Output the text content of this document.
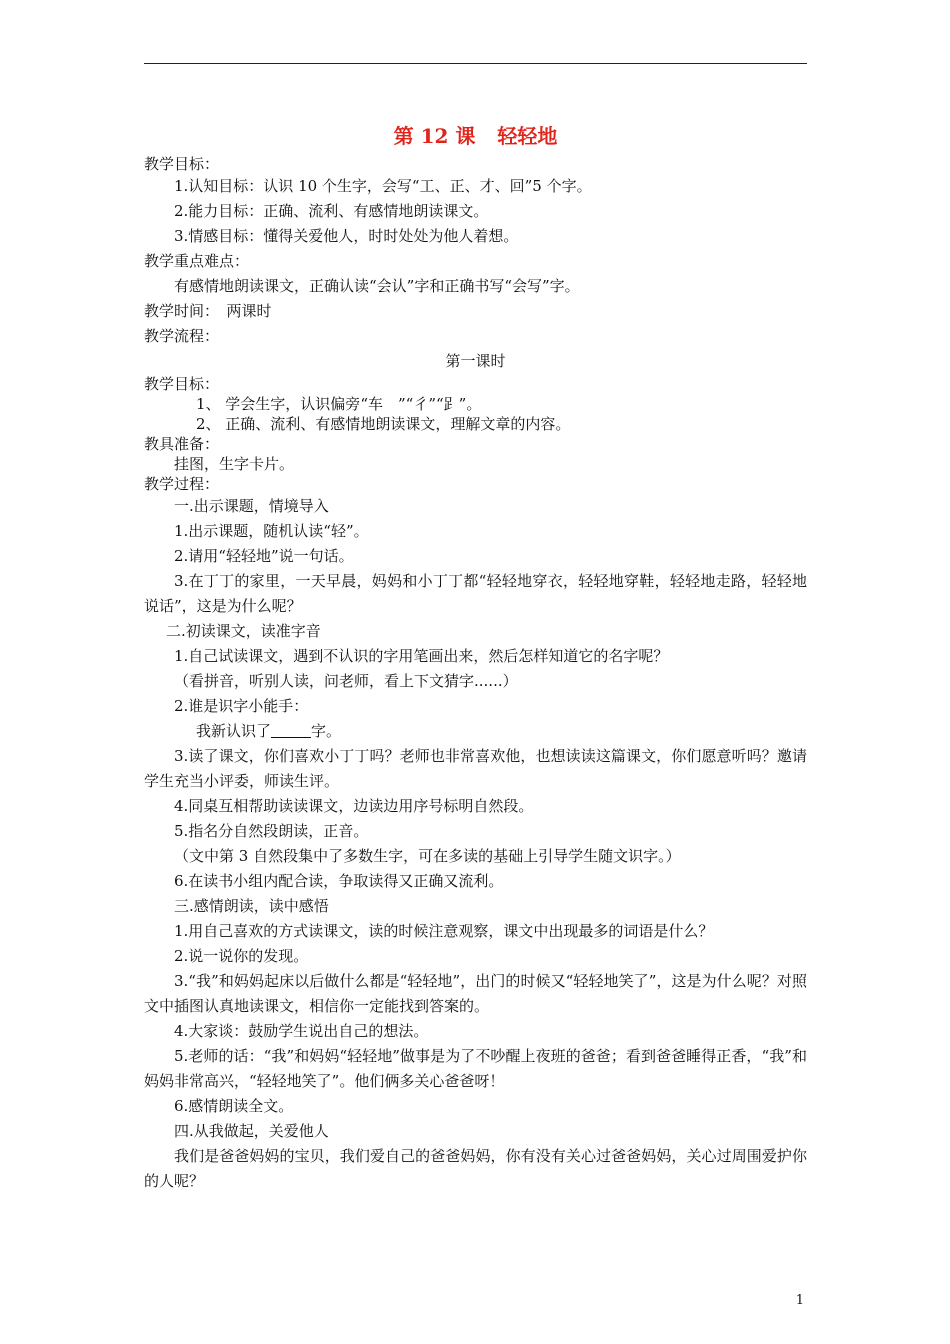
第 12 课 轻轻地
教学目标：
1.认知目标：认识 10 个生字，会写“工、正、才、回”5 个字。
2.能力目标：正确、流利、有感情地朗读课文。
3.情感目标：懂得关爱他人，时时处处为他人着想。
教学重点难点：
有感情地朗读课文，正确认读“会认”字和正确书写“会写”字。
教学时间：　两课时
教学流程：
第一课时
教学目标：
1、 学会生字，认识偏旁“车　”“彳”“𧾷”。
2、 正确、流利、有感情地朗读课文，理解文章的内容。
教具准备：
挂图，生字卡片。
教学过程：
一.出示课题，情境导入
1.出示课题，随机认读“轻”。
2.请用“轻轻地”说一句话。
3.在丁丁的家里，一天早晨，妈妈和小丁丁都“轻轻地穿衣，轻轻地穿鞋，轻轻地走路，轻轻地说话”，这是为什么呢？
二.初读课文，读准字音
1.自己试读课文，遇到不认识的字用笔画出来，然后怎样知道它的名字呢？
（看拼音，听别人读，问老师，看上下文猜字......）
2.谁是识字小能手：
我新认识了	字。
3.读了课文，你们喜欢小丁丁吗？老师也非常喜欢他，也想读读这篇课文，你们愿意听吗？邀请学生充当小评委，师读生评。
4.同桌互相帮助读读课文，边读边用序号标明自然段。
5.指名分自然段朗读，正音。
（文中第 3 自然段集中了多数生字，可在多读的基础上引导学生随文识字。）
6.在读书小组内配合读，争取读得又正确又流利。
三.感情朗读，读中感悟
1.用自己喜欢的方式读课文，读的时候注意观察，课文中出现最多的词语是什么？
2.说一说你的发现。
3.“我”和妈妈起床以后做什么都是“轻轻地”，出门的时候又“轻轻地笑了”，这是为什么呢？对照文中插图认真地读课文，相信你一定能找到答案的。
4.大家谈：鼓励学生说出自己的想法。
5.老师的话：“我”和妈妈“轻轻地”做事是为了不吵醒上夜班的爸爸；看到爸爸睡得正香，“我”和妈妈非常高兴，“轻轻地笑了”。他们俩多关心爸爸呀！
6.感情朗读全文。
四.从我做起，关爱他人
我们是爸爸妈妈的宝贝，我们爱自己的爸爸妈妈，你有没有关心过爸爸妈妈，关心过周围爱护你的人呢？
1
